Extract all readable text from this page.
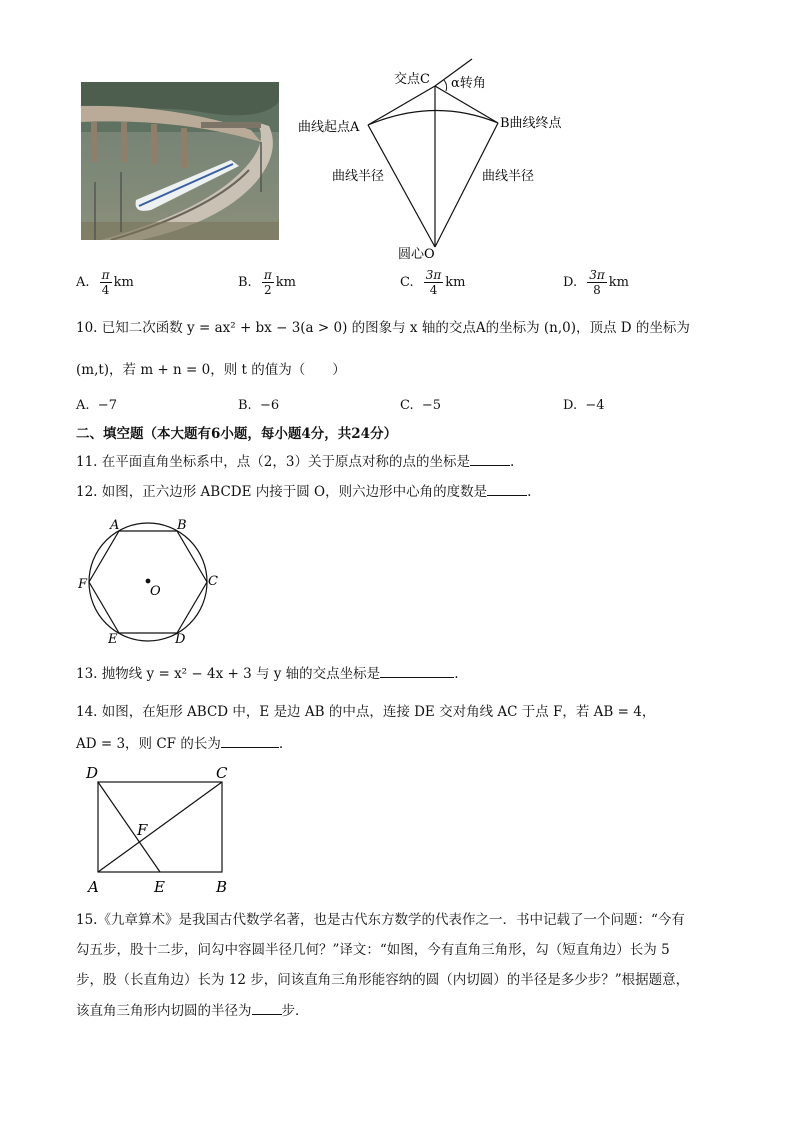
交点C α转角
曲线起点A	B曲线终点
曲线半径	曲线半径
圆心O
A. $\frac{\pi}{4}$ km	B. $\frac{\pi}{2}$ km	C. $\frac{3\pi}{4}$ km	D. $\frac{3\pi}{8}$ km
10. 已知二次函数 y = ax² + bx − 3(a > 0) 的图象与 x 轴的交点A的坐标为 (n,0)，顶点 D 的坐标为
(m,t)，若 m + n = 0，则 t 的值为（　　）
A. −7	B. −6	C. −5	D. −4
二、填空题（本大题有6小题，每小题4分，共24分）
11. 在平面直角坐标系中，点（2，3）关于原点对称的点的坐标是	.
12. 如图，正六边形 ABCDE 内接于圆 O，则六边形中心角的度数是	.
A	B
C
D
E
F	O
13. 抛物线 y = x² − 4x + 3 与 y 轴的交点坐标是	.
14. 如图，在矩形 ABCD 中，E 是边 AB 的中点，连接 DE 交对角线 AC 于点 F，若 AB = 4，
AD = 3，则 CF 的长为	.
D	C
F
A	E	B
15.《九章算术》是我国古代数学名著，也是古代东方数学的代表作之一．书中记载了一个问题：“今有
勾五步，股十二步，问勾中容圆半径几何？”译文：“如图，今有直角三角形，勾（短直角边）长为 5
步，股（长直角边）长为 12 步，问该直角三角形能容纳的圆（内切圆）的半径是多少步？”根据题意，
该直角三角形内切圆的半径为 步．
